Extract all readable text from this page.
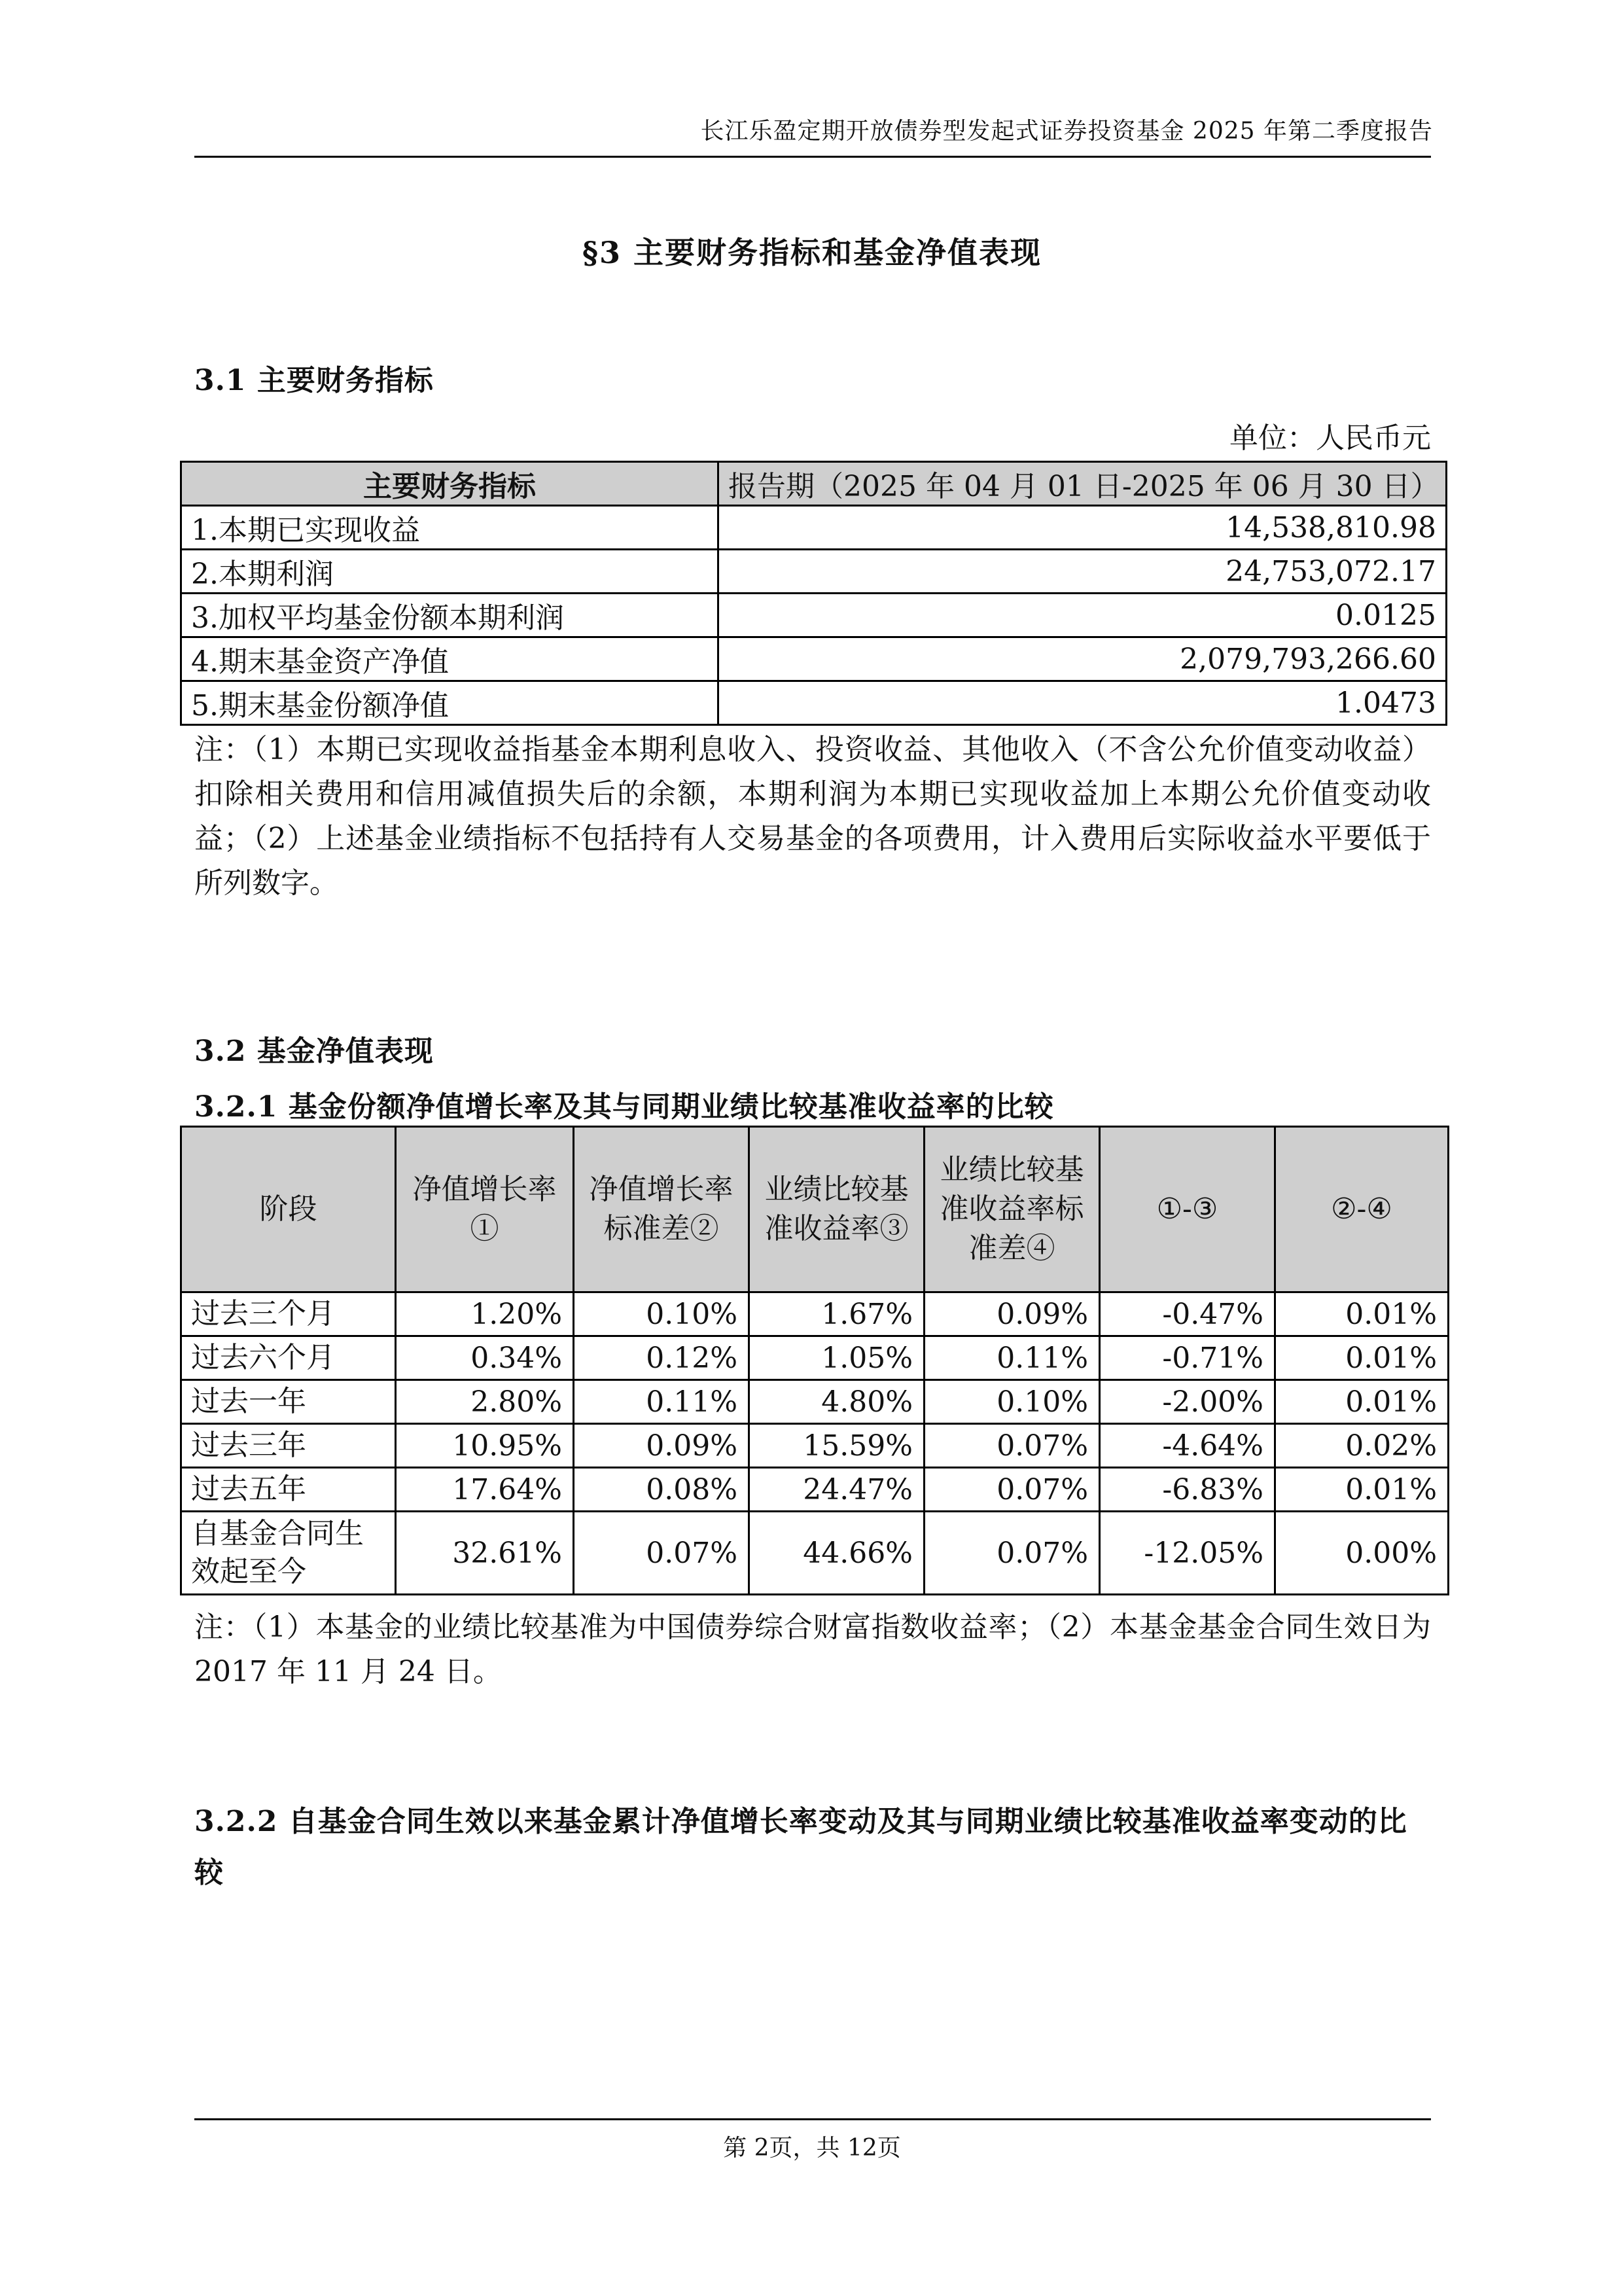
长江乐盈定期开放债券型发起式证券投资基金 2025 年第二季度报告
§3 主要财务指标和基金净值表现
3.1 主要财务指标
单位：人民币元
主要财务指标	报告期（2025 年 04 月 01 日-2025 年 06 月 30 日）
1.本期已实现收益	14,538,810.98
2.本期利润	24,753,072.17
3.加权平均基金份额本期利润	0.0125
4.期末基金资产净值	2,079,793,266.60
5.期末基金份额净值	1.0473
注：（1）本期已实现收益指基金本期利息收入、投资收益、其他收入（不含公允价值变动收益）扣除相关费用和信用减值损失后的余额，本期利润为本期已实现收益加上本期公允价值变动收益；（2）上述基金业绩指标不包括持有人交易基金的各项费用，计入费用后实际收益水平要低于所列数字。
3.2 基金净值表现
3.2.1 基金份额净值增长率及其与同期业绩比较基准收益率的比较
阶段	净值增长率①	净值增长率标准差②	业绩比较基准收益率③	业绩比较基准收益率标准差④	①-③	②-④
过去三个月	1.20%	0.10%	1.67%	0.09%	-0.47%	0.01%
过去六个月	0.34%	0.12%	1.05%	0.11%	-0.71%	0.01%
过去一年	2.80%	0.11%	4.80%	0.10%	-2.00%	0.01%
过去三年	10.95%	0.09%	15.59%	0.07%	-4.64%	0.02%
过去五年	17.64%	0.08%	24.47%	0.07%	-6.83%	0.01%
自基金合同生效起至今	32.61%	0.07%	44.66%	0.07%	-12.05%	0.00%
注：（1）本基金的业绩比较基准为中国债券综合财富指数收益率；（2）本基金基金合同生效日为 2017 年 11 月 24 日。
3.2.2 自基金合同生效以来基金累计净值增长率变动及其与同期业绩比较基准收益率变动的比较
第 2页，共 12页
